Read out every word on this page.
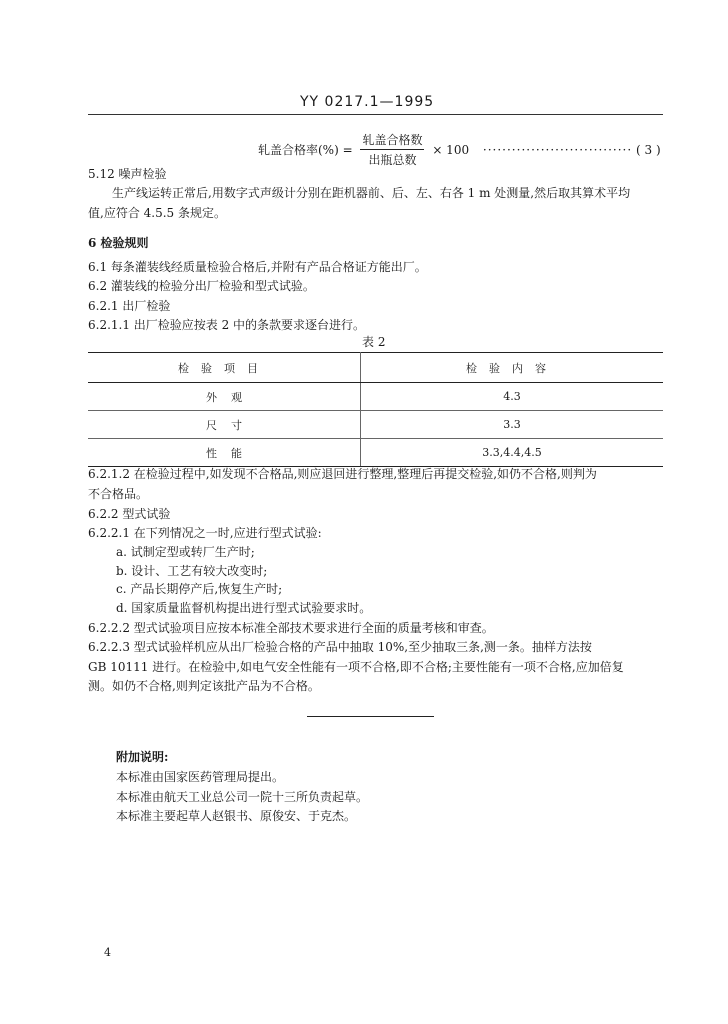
YY 0217.1—1995
轧盖合格率(%) = $\frac{\text{轧盖合格数}}{\text{出瓶总数}} \times 100$ ······························· ( 3 )
5.12 噪声检验
生产线运转正常后,用数字式声级计分别在距机器前、后、左、右各 1 m 处测量,然后取其算术平均
值,应符合 4.5.5 条规定。
6 检验规则
6.1 每条灌装线经质量检验合格后,并附有产品合格证方能出厂。
6.2 灌装线的检验分出厂检验和型式试验。
6.2.1 出厂检验
6.2.1.1 出厂检验应按表 2 中的条款要求逐台进行。
表 2
检验项目	检验内容
外    观	4.3
尺    寸	3.3
性    能	3.3,4.4,4.5
6.2.1.2 在检验过程中,如发现不合格品,则应退回进行整理,整理后再提交检验,如仍不合格,则判为
不合格品。
6.2.2 型式试验
6.2.2.1 在下列情况之一时,应进行型式试验:
a. 试制定型或转厂生产时;
b. 设计、工艺有较大改变时;
c. 产品长期停产后,恢复生产时;
d. 国家质量监督机构提出进行型式试验要求时。
6.2.2.2 型式试验项目应按本标准全部技术要求进行全面的质量考核和审查。
6.2.2.3 型式试验样机应从出厂检验合格的产品中抽取 10%,至少抽取三条,测一条。抽样方法按
GB 10111 进行。在检验中,如电气安全性能有一项不合格,即不合格;主要性能有一项不合格,应加倍复
测。如仍不合格,则判定该批产品为不合格。
附加说明:
本标准由国家医药管理局提出。
本标准由航天工业总公司一院十三所负责起草。
本标准主要起草人赵银书、原俊安、于克杰。
4
